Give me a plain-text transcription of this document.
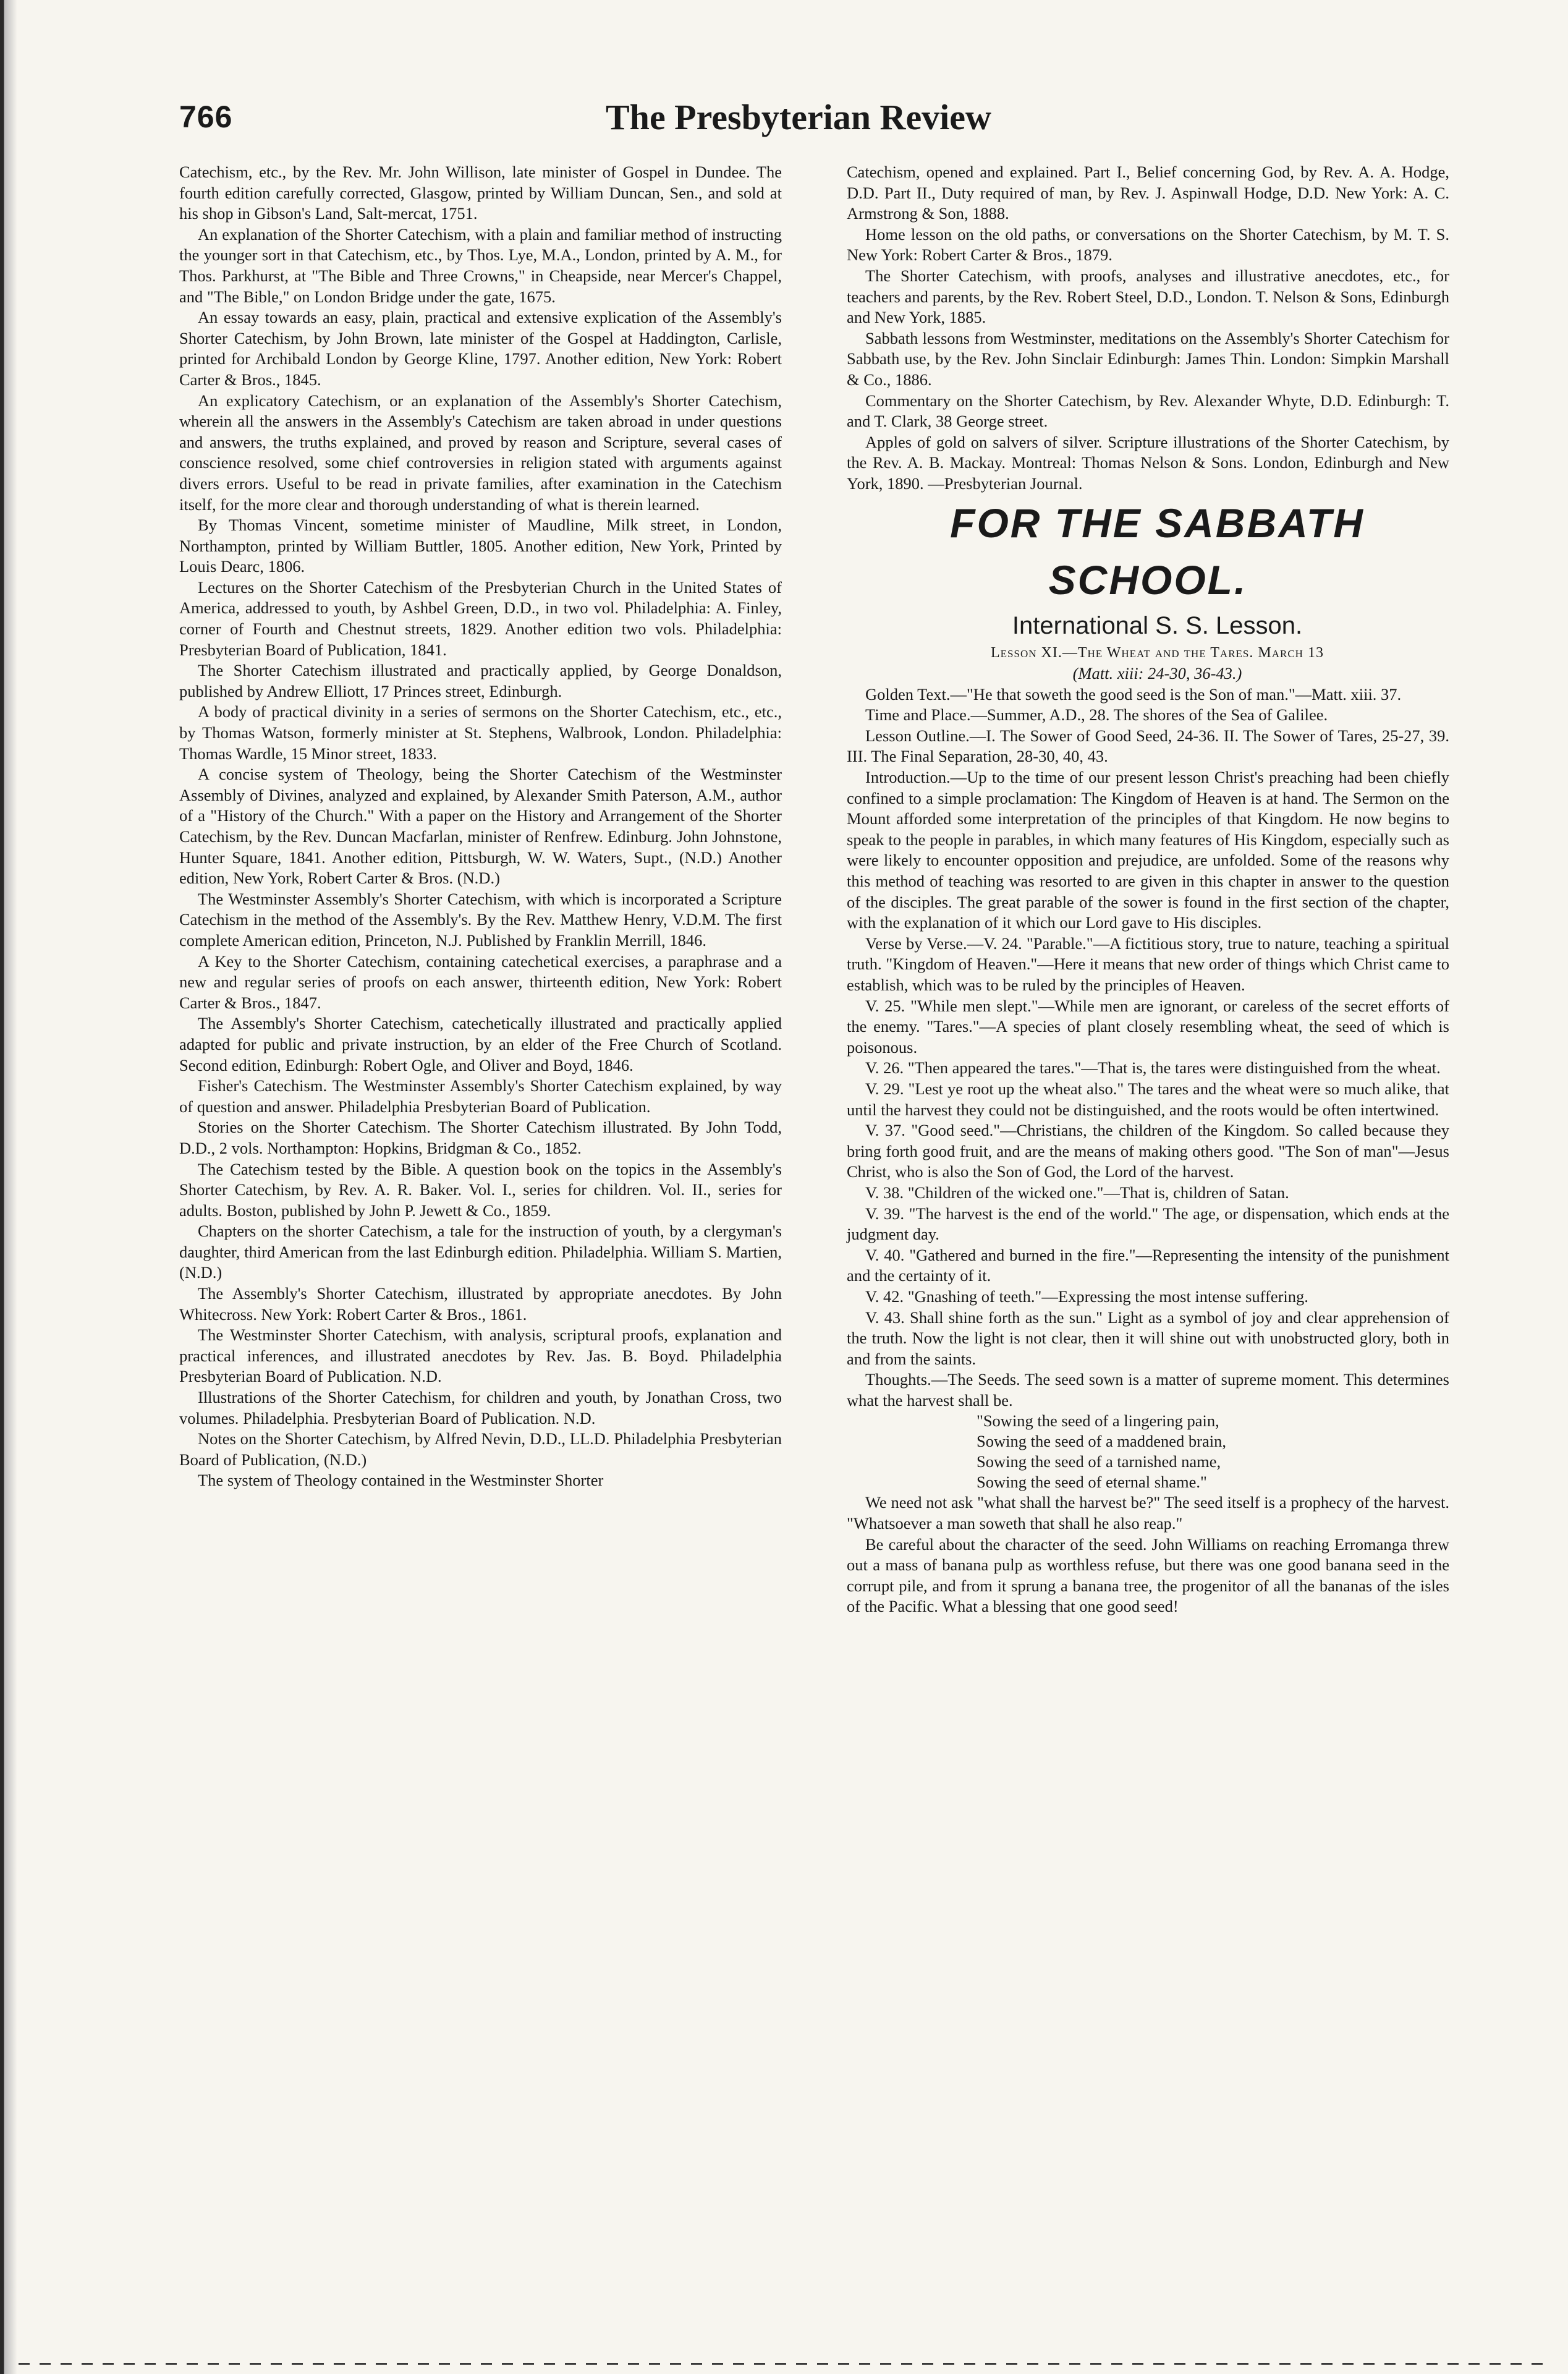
766	The Presbyterian Review

Catechism, etc., by the Rev. Mr. John Willison, late minister of Gospel in Dundee. The fourth edition carefully corrected, Glasgow, printed by William Duncan, Sen., and sold at his shop in Gibson's Land, Salt-mercat, 1751.

An explanation of the Shorter Catechism, with a plain and familiar method of instructing the younger sort in that Catechism, etc., by Thos. Lye, M.A., London, printed by A. M., for Thos. Parkhurst, at "The Bible and Three Crowns," in Cheapside, near Mercer's Chappel, and "The Bible," on London Bridge under the gate, 1675.

An essay towards an easy, plain, practical and extensive explication of the Assembly's Shorter Catechism, by John Brown, late minister of the Gospel at Haddington, Carlisle, printed for Archibald London by George Kline, 1797. Another edition, New York: Robert Carter & Bros., 1845.

An explicatory Catechism, or an explanation of the Assembly's Shorter Catechism, wherein all the answers in the Assembly's Catechism are taken abroad in under questions and answers, the truths explained, and proved by reason and Scripture, several cases of conscience resolved, some chief controversies in religion stated with arguments against divers errors. Useful to be read in private families, after examination in the Catechism itself, for the more clear and thorough understanding of what is therein learned.

By Thomas Vincent, sometime minister of Maudline, Milk street, in London, Northampton, printed by William Buttler, 1805. Another edition, New York, Printed by Louis Dearc, 1806.

Lectures on the Shorter Catechism of the Presbyterian Church in the United States of America, addressed to youth, by Ashbel Green, D.D., in two vol. Philadelphia: A. Finley, corner of Fourth and Chestnut streets, 1829. Another edition two vols. Philadelphia: Presbyterian Board of Publication, 1841.

The Shorter Catechism illustrated and practically applied, by George Donaldson, published by Andrew Elliott, 17 Princes street, Edinburgh.

A body of practical divinity in a series of sermons on the Shorter Catechism, etc., etc., by Thomas Watson, formerly minister at St. Stephens, Walbrook, London. Philadelphia: Thomas Wardle, 15 Minor street, 1833.

A concise system of Theology, being the Shorter Catechism of the Westminster Assembly of Divines, analyzed and explained, by Alexander Smith Paterson, A.M., author of a "History of the Church." With a paper on the History and Arrangement of the Shorter Catechism, by the Rev. Duncan Macfarlan, minister of Renfrew. Edinburg. John Johnstone, Hunter Square, 1841. Another edition, Pittsburgh, W. W. Waters, Supt., (N.D.) Another edition, New York, Robert Carter & Bros. (N.D.)

The Westminster Assembly's Shorter Catechism, with which is incorporated a Scripture Catechism in the method of the Assembly's. By the Rev. Matthew Henry, V.D.M. The first complete American edition, Princeton, N.J. Published by Franklin Merrill, 1846.

A Key to the Shorter Catechism, containing catechetical exercises, a paraphrase and a new and regular series of proofs on each answer, thirteenth edition, New York: Robert Carter & Bros., 1847.

The Assembly's Shorter Catechism, catechetically illustrated and practically applied adapted for public and private instruction, by an elder of the Free Church of Scotland. Second edition, Edinburgh: Robert Ogle, and Oliver and Boyd, 1846.

Fisher's Catechism. The Westminster Assembly's Shorter Catechism explained, by way of question and answer. Philadelphia Presbyterian Board of Publication.

Stories on the Shorter Catechism. The Shorter Catechism illustrated. By John Todd, D.D., 2 vols. Northampton: Hopkins, Bridgman & Co., 1852.

The Catechism tested by the Bible. A question book on the topics in the Assembly's Shorter Catechism, by Rev. A. R. Baker. Vol. I., series for children. Vol. II., series for adults. Boston, published by John P. Jewett & Co., 1859.

Chapters on the shorter Catechism, a tale for the instruction of youth, by a clergyman's daughter, third American from the last Edinburgh edition. Philadelphia. William S. Martien, (N.D.)

The Assembly's Shorter Catechism, illustrated by appropriate anecdotes. By John Whitecross. New York: Robert Carter & Bros., 1861.

The Westminster Shorter Catechism, with analysis, scriptural proofs, explanation and practical inferences, and illustrated anecdotes by Rev. Jas. B. Boyd. Philadelphia Presbyterian Board of Publication. N.D.

Illustrations of the Shorter Catechism, for children and youth, by Jonathan Cross, two volumes. Philadelphia. Presbyterian Board of Publication. N.D.

Notes on the Shorter Catechism, by Alfred Nevin, D.D., LL.D. Philadelphia Presbyterian Board of Publication, (N.D.)

The system of Theology contained in the Westminster Shorter

Catechism, opened and explained. Part I., Belief concerning God, by Rev. A. A. Hodge, D.D. Part II., Duty required of man, by Rev. J. Aspinwall Hodge, D.D. New York: A. C. Armstrong & Son, 1888.

Home lesson on the old paths, or conversations on the Shorter Catechism, by M. T. S. New York: Robert Carter & Bros., 1879.

The Shorter Catechism, with proofs, analyses and illustrative anecdotes, etc., for teachers and parents, by the Rev. Robert Steel, D.D., London. T. Nelson & Sons, Edinburgh and New York, 1885.

Sabbath lessons from Westminster, meditations on the Assembly's Shorter Catechism for Sabbath use, by the Rev. John Sinclair Edinburgh: James Thin. London: Simpkin Marshall & Co., 1886.

Commentary on the Shorter Catechism, by Rev. Alexander Whyte, D.D. Edinburgh: T. and T. Clark, 38 George street.

Apples of gold on salvers of silver. Scripture illustrations of the Shorter Catechism, by the Rev. A. B. Mackay. Montreal: Thomas Nelson & Sons. London, Edinburgh and New York, 1890. —Presbyterian Journal.

FOR THE SABBATH SCHOOL.

International S. S. Lesson.

Lesson XI.—The Wheat and the Tares. March 13

(Matt. xiii: 24-30, 36-43.)

Golden Text.—"He that soweth the good seed is the Son of man."—Matt. xiii. 37.

Time and Place.—Summer, A.D., 28. The shores of the Sea of Galilee.

Lesson Outline.—I. The Sower of Good Seed, 24-36. II. The Sower of Tares, 25-27, 39. III. The Final Separation, 28-30, 40, 43.

Introduction.—Up to the time of our present lesson Christ's preaching had been chiefly confined to a simple proclamation: The Kingdom of Heaven is at hand. The Sermon on the Mount afforded some interpretation of the principles of that Kingdom. He now begins to speak to the people in parables, in which many features of His Kingdom, especially such as were likely to encounter opposition and prejudice, are unfolded. Some of the reasons why this method of teaching was resorted to are given in this chapter in answer to the question of the disciples. The great parable of the sower is found in the first section of the chapter, with the explanation of it which our Lord gave to His disciples.

Verse by Verse.—V. 24. "Parable."—A fictitious story, true to nature, teaching a spiritual truth. "Kingdom of Heaven."—Here it means that new order of things which Christ came to establish, which was to be ruled by the principles of Heaven.

V. 25. "While men slept."—While men are ignorant, or careless of the secret efforts of the enemy. "Tares."—A species of plant closely resembling wheat, the seed of which is poisonous.

V. 26. "Then appeared the tares."—That is, the tares were distinguished from the wheat.

V. 29. "Lest ye root up the wheat also." The tares and the wheat were so much alike, that until the harvest they could not be distinguished, and the roots would be often intertwined.

V. 37. "Good seed."—Christians, the children of the Kingdom. So called because they bring forth good fruit, and are the means of making others good. "The Son of man"—Jesus Christ, who is also the Son of God, the Lord of the harvest.

V. 38. "Children of the wicked one."—That is, children of Satan.

V. 39. "The harvest is the end of the world." The age, or dispensation, which ends at the judgment day.

V. 40. "Gathered and burned in the fire."—Representing the intensity of the punishment and the certainty of it.

V. 42. "Gnashing of teeth."—Expressing the most intense suffering.

V. 43. Shall shine forth as the sun." Light as a symbol of joy and clear apprehension of the truth. Now the light is not clear, then it will shine out with unobstructed glory, both in and from the saints.

Thoughts.—The Seeds. The seed sown is a matter of supreme moment. This determines what the harvest shall be.

"Sowing the seed of a lingering pain,
Sowing the seed of a maddened brain,
Sowing the seed of a tarnished name,
Sowing the seed of eternal shame."

We need not ask "what shall the harvest be?" The seed itself is a prophecy of the harvest. "Whatsoever a man soweth that shall he also reap."

Be careful about the character of the seed. John Williams on reaching Erromanga threw out a mass of banana pulp as worthless refuse, but there was one good banana seed in the corrupt pile, and from it sprung a banana tree, the progenitor of all the bananas of the isles of the Pacific. What a blessing that one good seed!
